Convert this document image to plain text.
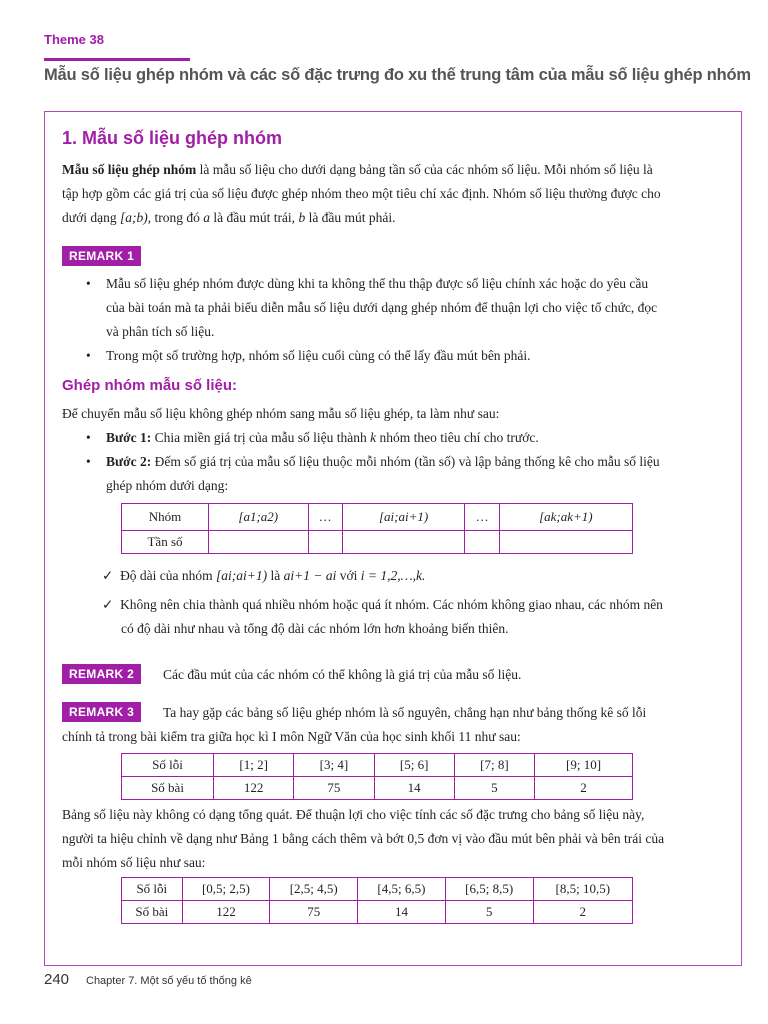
Theme 38
Mẫu số liệu ghép nhóm và các số đặc trưng đo xu thế trung tâm của mẫu số liệu ghép nhóm
1. Mẫu số liệu ghép nhóm
Mẫu số liệu ghép nhóm là mẫu số liệu cho dưới dạng bảng tần số của các nhóm số liệu. Mỗi nhóm số liệu là
tập hợp gồm các giá trị của số liệu được ghép nhóm theo một tiêu chí xác định. Nhóm số liệu thường được cho
dưới dạng [a;b), trong đó a là đầu mút trái, b là đầu mút phải.
REMARK 1
• Mẫu số liệu ghép nhóm được dùng khi ta không thể thu thập được số liệu chính xác hoặc do yêu cầu
của bài toán mà ta phải biểu diễn mẫu số liệu dưới dạng ghép nhóm để thuận lợi cho việc tổ chức, đọc
và phân tích số liệu.
• Trong một số trường hợp, nhóm số liệu cuối cùng có thể lấy đầu mút bên phải.
Ghép nhóm mẫu số liệu:
Để chuyển mẫu số liệu không ghép nhóm sang mẫu số liệu ghép, ta làm như sau:
• Bước 1: Chia miền giá trị của mẫu số liệu thành k nhóm theo tiêu chí cho trước.
• Bước 2: Đếm số giá trị của mẫu số liệu thuộc mỗi nhóm (tần số) và lập bảng thống kê cho mẫu số liệu
ghép nhóm dưới dạng:
Nhóm	[a1;a2)	…	[ai;ai+1)	…	[ak;ak+1)
Tần số					
✓ Độ dài của nhóm [ai;ai+1) là ai+1 − ai với i = 1,2,…,k.
✓ Không nên chia thành quá nhiều nhóm hoặc quá ít nhóm. Các nhóm không giao nhau, các nhóm nên
có độ dài như nhau và tổng độ dài các nhóm lớn hơn khoảng biến thiên.
REMARK 2	Các đầu mút của các nhóm có thể không là giá trị của mẫu số liệu.
REMARK 3	Ta hay gặp các bảng số liệu ghép nhóm là số nguyên, chẳng hạn như bảng thống kê số lỗi
chính tả trong bài kiểm tra giữa học kì I môn Ngữ Văn của học sinh khối 11 như sau:
Số lỗi	[1; 2]	[3; 4]	[5; 6]	[7; 8]	[9; 10]
Số bài	122	75	14	5	2
Bảng số liệu này không có dạng tổng quát. Để thuận lợi cho việc tính các số đặc trưng cho bảng số liệu này,
người ta hiệu chỉnh về dạng như Bảng 1 bằng cách thêm và bớt 0,5 đơn vị vào đầu mút bên phải và bên trái của
mỗi nhóm số liệu như sau:
Số lỗi	[0,5; 2,5)	[2,5; 4,5)	[4,5; 6,5)	[6,5; 8,5)	[8,5; 10,5)
Số bài	122	75	14	5	2
240 Chapter 7. Một số yếu tố thống kê
